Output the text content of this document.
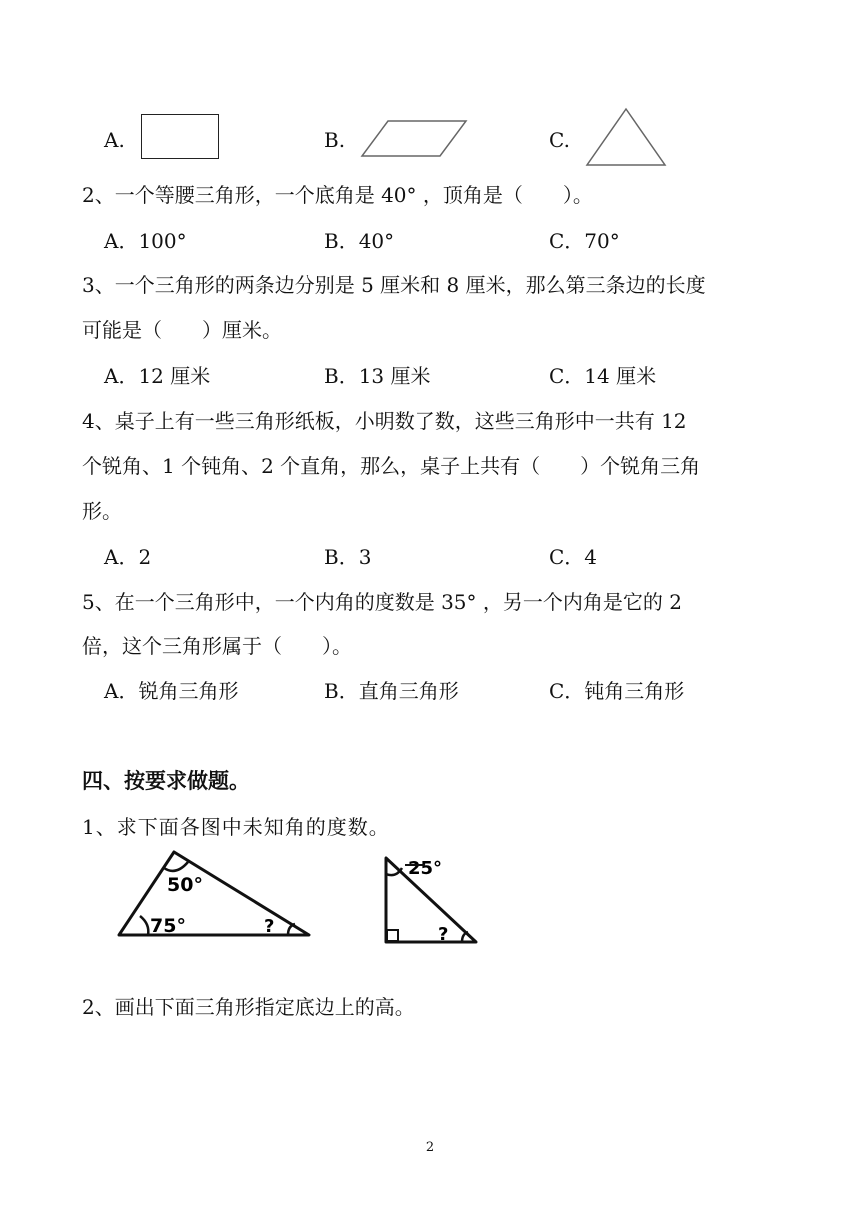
A.	B.	C.
2、一个等腰三角形，一个底角是 40° ，顶角是（　　）。
A．100°	B．40°	C．70°
3、一个三角形的两条边分别是 5 厘米和 8 厘米，那么第三条边的长度
可能是（　　）厘米。
A．12 厘米	B．13 厘米	C．14 厘米
4、桌子上有一些三角形纸板，小明数了数，这些三角形中一共有 12
个锐角、1 个钝角、2 个直角，那么，桌子上共有（　　）个锐角三角
形。
A．2	B．3	C．4
5、在一个三角形中，一个内角的度数是 35° ，另一个内角是它的 2
倍，这个三角形属于（　　）。
A．锐角三角形	B．直角三角形	C．钝角三角形
四、按要求做题。
1、求下面各图中未知角的度数。
50°
75°	?
25°
?
2、画出下面三角形指定底边上的高。
2
